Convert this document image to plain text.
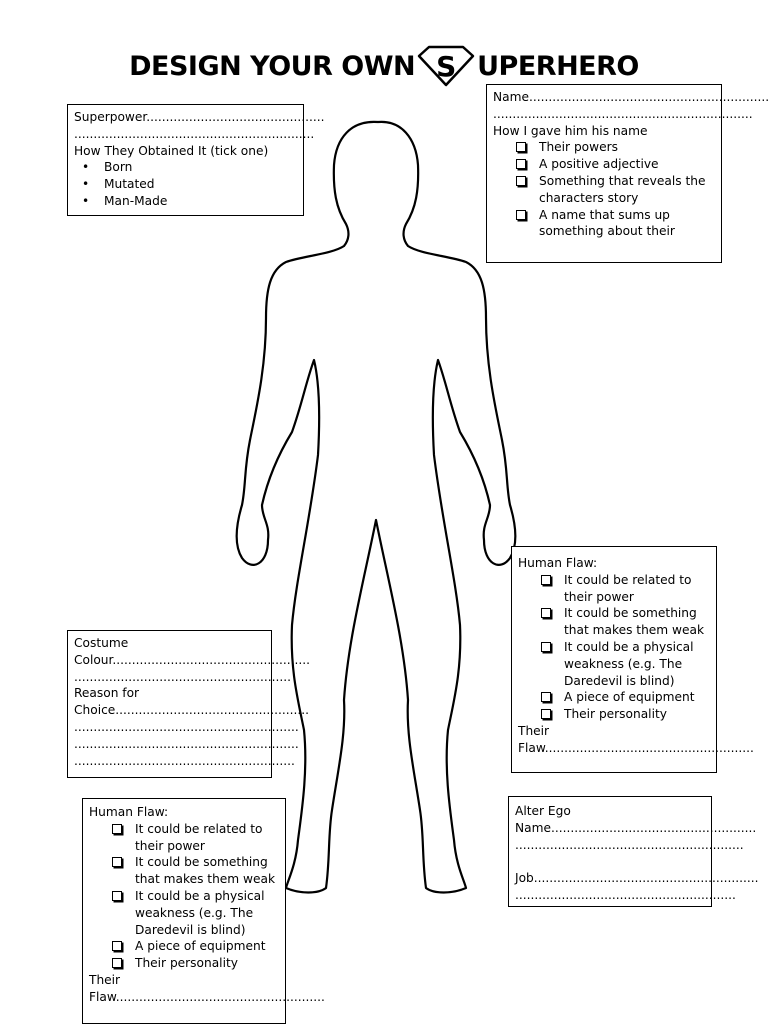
DESIGN YOUR OWN S UPERHERO
Superpower..............................................
..............................................................
How They Obtained It (tick one)
• Born
• Mutated
• Man-Made
Name..............................................................
...................................................................
How I gave him his name
Their powers
A positive adjective
Something that reveals the characters story
A name that sums up something about their
Human Flaw:
It could be related to their power
It could be something that makes them weak
It could be a physical weakness (e.g. The Daredevil is blind)
A piece of equipment
Their personality
Their
Flaw......................................................
Costume
Colour...................................................
........................................................
Reason for
Choice..................................................
..........................................................
..........................................................
.........................................................
Human Flaw:
It could be related to their power
It could be something that makes them weak
It could be a physical weakness (e.g. The Daredevil is blind)
A piece of equipment
Their personality
Their
Flaw......................................................
Alter Ego
Name.....................................................
...........................................................
Job..........................................................
.........................................................
